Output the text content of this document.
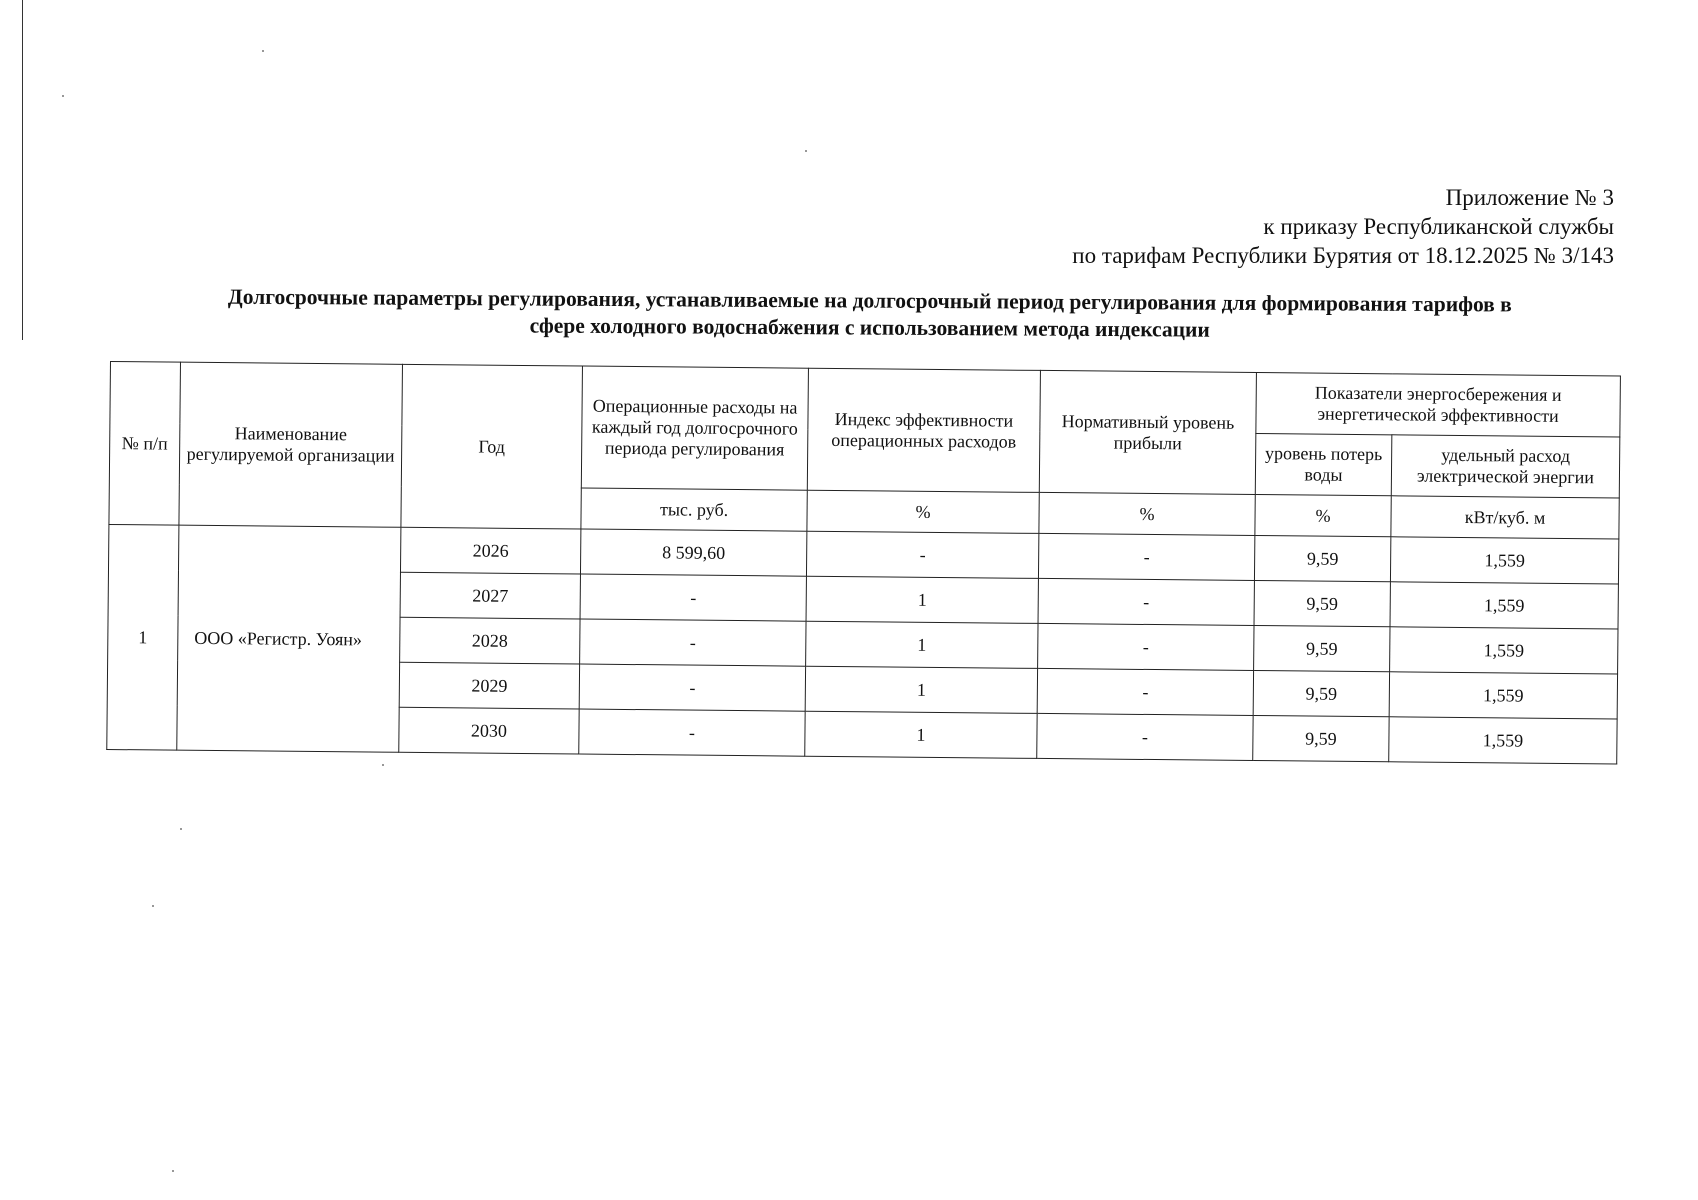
Приложение № 3
к приказу Республиканской службы
по тарифам Республики Бурятия от 18.12.2025 № 3/143
Долгосрочные параметры регулирования, устанавливаемые на долгосрочный период регулирования для формирования тарифов в
сфере холодного водоснабжения с использованием метода индексации
№ п/п	Наименование регулируемой организации	Год	Операционные расходы на каждый год долгосрочного периода регулирования	Индекс эффективности операционных расходов	Нормативный уровень прибыли	Показатели энергосбережения и энергетической эффективности	
						уровень потерь воды	удельный расход электрической энергии
			тыс. руб.	%	%	%	кВт/куб. м
1	ООО «Регистр. Уоян»	2026	8 599,60	-	-	9,59	1,559
		2027	-	1	-	9,59	1,559
		2028	-	1	-	9,59	1,559
		2029	-	1	-	9,59	1,559
		2030	-	1	-	9,59	1,559
